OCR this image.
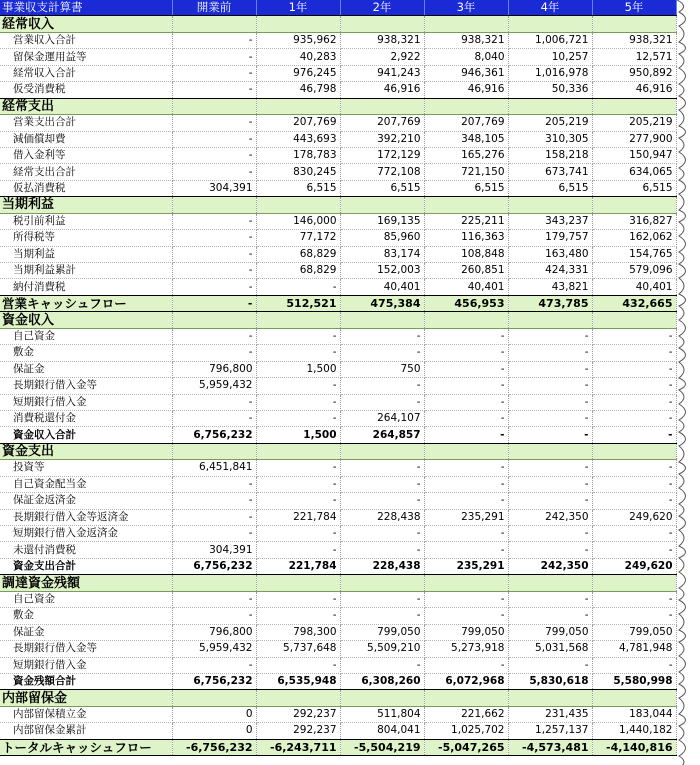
事業収支計算書	開業前	1年	2年	3年	4年	5年
経常収入						
営業収入合計	-	935,962	938,321	938,321	1,006,721	938,321
留保金運用益等	-	40,283	2,922	8,040	10,257	12,571
経常収入合計	-	976,245	941,243	946,361	1,016,978	950,892
仮受消費税	-	46,798	46,916	46,916	50,336	46,916
経常支出						
営業支出合計	-	207,769	207,769	207,769	205,219	205,219
減価償却費	-	443,693	392,210	348,105	310,305	277,900
借入金利等	-	178,783	172,129	165,276	158,218	150,947
経常支出合計	-	830,245	772,108	721,150	673,741	634,065
仮払消費税	304,391	6,515	6,515	6,515	6,515	6,515
当期利益						
税引前利益	-	146,000	169,135	225,211	343,237	316,827
所得税等	-	77,172	85,960	116,363	179,757	162,062
当期利益	-	68,829	83,174	108,848	163,480	154,765
当期利益累計	-	68,829	152,003	260,851	424,331	579,096
納付消費税	-	-	40,401	40,401	43,821	40,401
営業キャッシュフロー	-	512,521	475,384	456,953	473,785	432,665
資金収入						
自己資金	-	-	-	-	-	-
敷金	-	-	-	-	-	-
保証金	796,800	1,500	750	-	-	-
長期銀行借入金等	5,959,432	-	-	-	-	-
短期銀行借入金	-	-	-	-	-	-
消費税還付金	-	-	264,107	-	-	-
資金収入合計	6,756,232	1,500	264,857	-	-	-
資金支出						
投資等	6,451,841	-	-	-	-	-
自己資金配当金	-	-	-	-	-	-
保証金返済金	-	-	-	-	-	-
長期銀行借入金等返済金	-	221,784	228,438	235,291	242,350	249,620
短期銀行借入金返済金	-	-	-	-	-	-
未還付消費税	304,391	-	-	-	-	-
資金支出合計	6,756,232	221,784	228,438	235,291	242,350	249,620
調達資金残額						
自己資金	-	-	-	-	-	-
敷金	-	-	-	-	-	-
保証金	796,800	798,300	799,050	799,050	799,050	799,050
長期銀行借入金等	5,959,432	5,737,648	5,509,210	5,273,918	5,031,568	4,781,948
短期銀行借入金	-	-	-	-	-	-
資金残額合計	6,756,232	6,535,948	6,308,260	6,072,968	5,830,618	5,580,998
内部留保金						
内部留保積立金	0	292,237	511,804	221,662	231,435	183,044
内部留保金累計	0	292,237	804,041	1,025,702	1,257,137	1,440,182
トータルキャッシュフロー	-6,756,232	-6,243,711	-5,504,219	-5,047,265	-4,573,481	-4,140,816
